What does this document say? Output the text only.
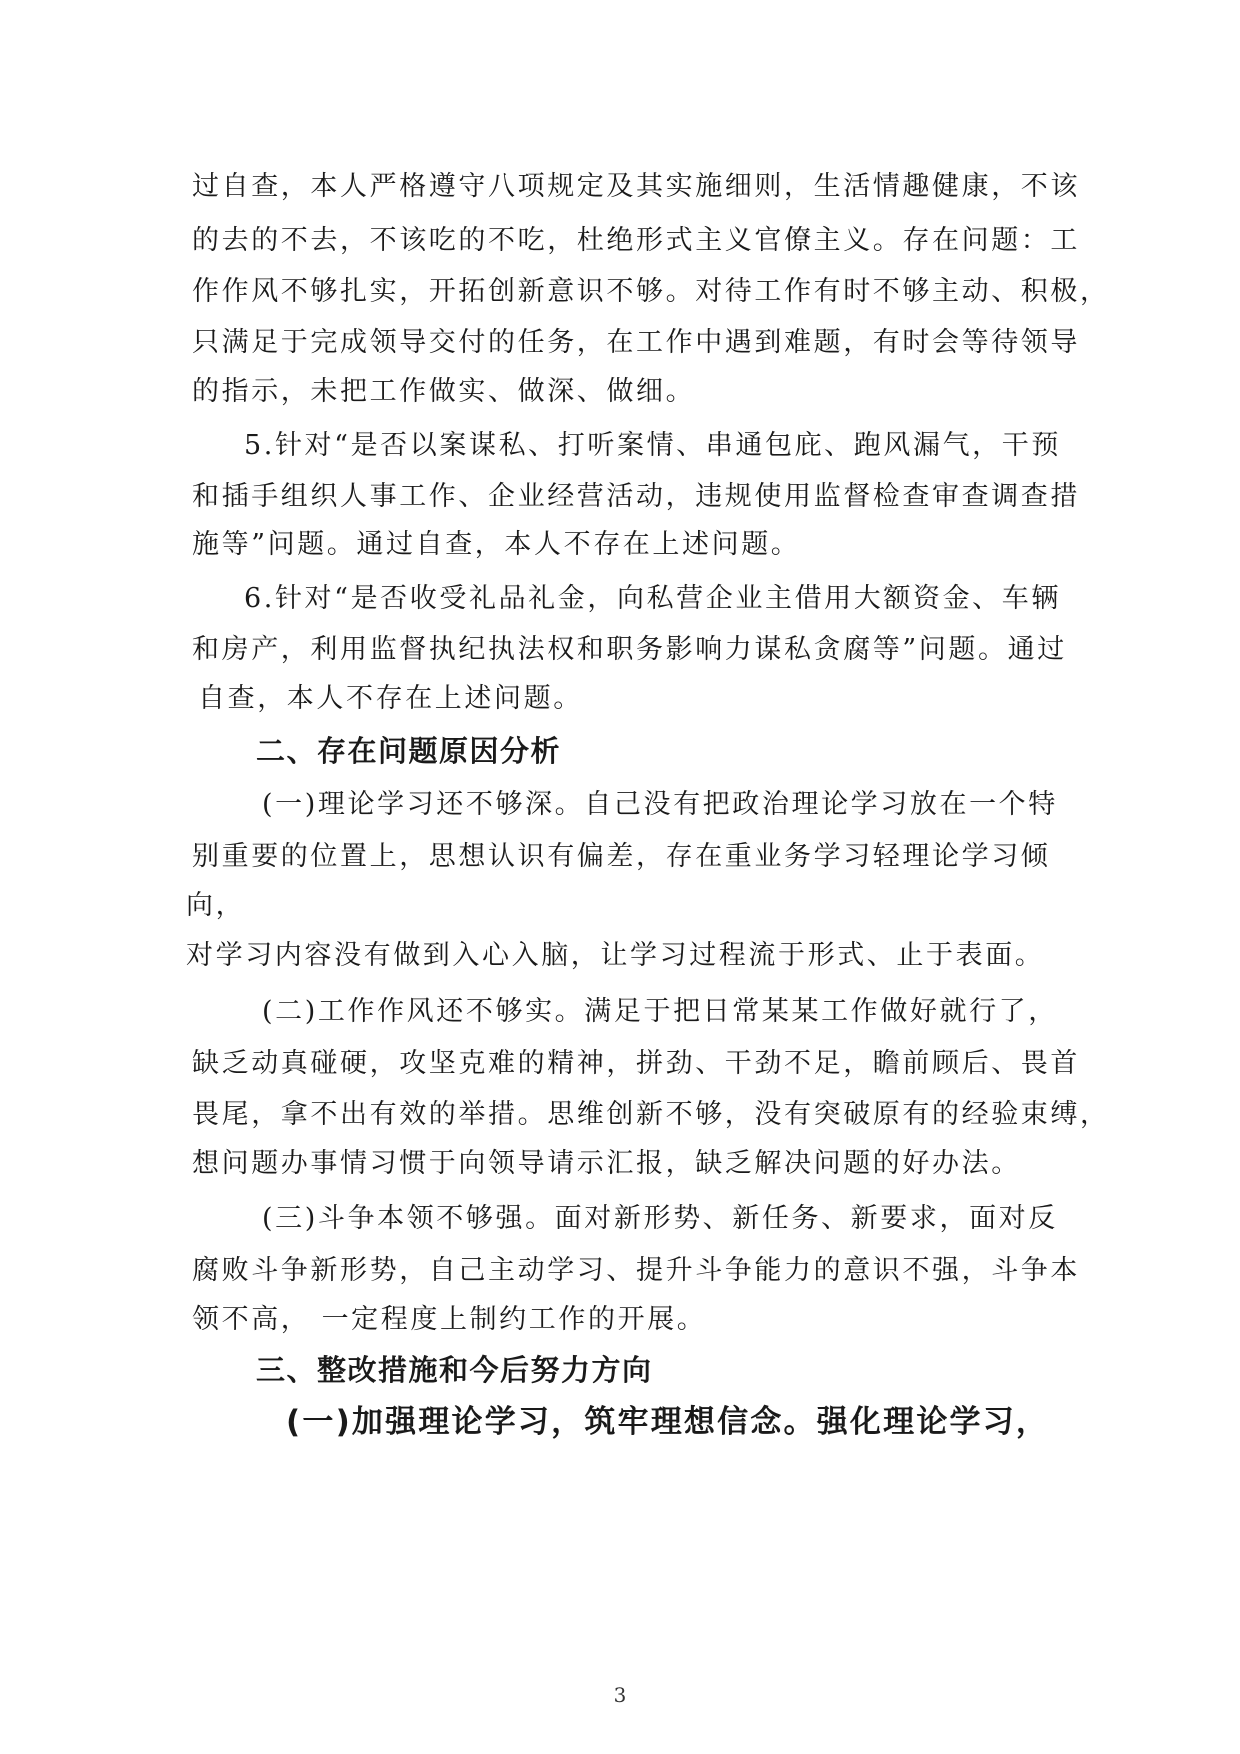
过自查，本人严格遵守八项规定及其实施细则，生活情趣健康，不该
的去的不去，不该吃的不吃，杜绝形式主义官僚主义。存在问题：工
作作风不够扎实，开拓创新意识不够。对待工作有时不够主动、积极，
只满足于完成领导交付的任务，在工作中遇到难题，有时会等待领导
的指示，未把工作做实、做深、做细。
5.针对“是否以案谋私、打听案情、串通包庇、跑风漏气，干预
和插手组织人事工作、企业经营活动，违规使用监督检查审查调查措
施等”问题。通过自查，本人不存在上述问题。
6.针对“是否收受礼品礼金，向私营企业主借用大额资金、车辆
和房产，利用监督执纪执法权和职务影响力谋私贪腐等”问题。通过
自查，本人不存在上述问题。
二、存在问题原因分析
(一)理论学习还不够深。自己没有把政治理论学习放在一个特
别重要的位置上，思想认识有偏差，存在重业务学习轻理论学习倾
向，
对学习内容没有做到入心入脑，让学习过程流于形式、止于表面。
(二)工作作风还不够实。满足于把日常某某工作做好就行了，
缺乏动真碰硬，攻坚克难的精神，拼劲、干劲不足，瞻前顾后、畏首
畏尾，拿不出有效的举措。思维创新不够，没有突破原有的经验束缚，
想问题办事情习惯于向领导请示汇报，缺乏解决问题的好办法。
(三)斗争本领不够强。面对新形势、新任务、新要求，面对反
腐败斗争新形势，自己主动学习、提升斗争能力的意识不强，斗争本
领不高， 一定程度上制约工作的开展。
三、整改措施和今后努力方向
(一)加强理论学习，筑牢理想信念。强化理论学习，
3
